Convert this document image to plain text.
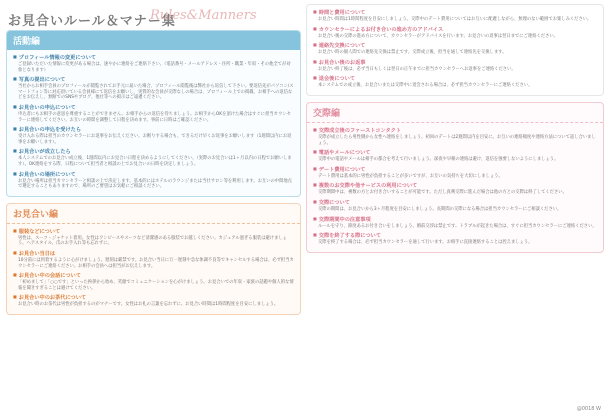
お見合いルール＆マナー集
Rules&Manners
活動編
■ プロフィール情報の変更について
ご登録いただいた情報に変更がある場合は、速やかに連絡をご連絡下さい。（電話番号・メールアドレス・住所・職業・年収・その他全てが対象となります）
■ 写真の提出について
当社からお相手会員のプロフィールが閲覧されてお手元に届いた場合、プロフィール閲覧後は弊社から返信して下さい。要返信先がパソコン/スマートフォン等に対応頂いている会員様にて返信をお願いし、実質的な会員が交際なしの場合は、プロフィール上での掲載、お相手への返信などをお伝えし、無断でのSNSやブログ、他社等への掲示はご遠慮ください。
■ お見合いの申込について
申込者にもお相手の意思を尊重することができません。お相手からの返信を待ちましょう。お相手からOKを頂けた場合はすぐに担当カウンセラーに連絡してください。お互いの時間を調整して日程を決めます。事前に日時はご確認ください。
■ お見合いの申込を受けたら
受け入れる際は担当のカウンセラーにお返事をお伝えください。お断りする場合も、できるだけ早くお返事をお願いします（1週間以内にお返事をお願いします）。
■ お見合いが成立したら
本人システムでのお見合い成立後、1週間以内にお見合い日程を決めるようにしてください。（実際のお見合いは1ヶ月以内の日程でお願いします）。OK連絡をする際、日程について担当者と相談の上でお見合いの日時を決定しましょう。
■ お見合いの場所について
お見合い場所は担当カウンセラーと相談の上で決定します。基本的にはホテルのラウンジまたは当社サロン等を利用します。お互いの中間地点で選定することもありますので、場所のご要望はお気軽にご相談ください。
お見合い編
■ 服装などについて
男性は、スーツ・ジャケット着用。女性はワンピースやスーツなど清潔感のある服装でお越しください。カジュアル過ぎる服装は避けましょう。ヘアスタイル、爪のお手入れ等も忘れずに。
■ お見合い当日は
10分前には到着するように心がけましょう。遅刻は厳禁です。お見合い当日に万一遅刻や急な体調不良等でキャンセルする場合は、必ず担当カウンセラーにご連絡ください。お相手の会員へは担当がお伝えします。
■ お見合い中の会話について
「初めまして」「○○です」といった挨拶から始め、笑顔でコミュニケーションを心がけましょう。お見合いでの年収・家族の話題や個人的な情報を聞きすぎることは避けてください。
■ お見合い中のお茶代について
お見合い時のお茶代は男性が負担するのがマナーです。女性はお礼の言葉を忘れずに。お見合い時間は1時間程度を目安にしましょう。
■ 時間と費用について
お見合い時間は1時間程度を目安にしましょう。交際中のデート費用についてはお互いに配慮しながら、無理のない範囲でお楽しみください。
■ カウンセラーによるお付き合いの進め方のアドバイス
お見合い後の交際の進め方について、カウンセラーがアドバイスを行います。お見合いの返事は翌日までにご連絡ください。
■ 連絡先交換について
お見合い時の個人間での連絡先交換は禁止です。交際成立後、担当を通して連絡先を交換します。
■ お見合い後のお返事
お見合い終了後は、必ず当日もしくは翌日の正午までに担当カウンセラーへお返事をご連絡ください。
■ 退会後について
本システムでの成立後、お見合いまたは交際中に退会される場合は、必ず担当カウンセラーにご連絡ください。
交際編
■ 交際成立後のファーストコンタクト
交際が成立したら男性側から女性へ連絡をしましょう。初回のデートは2週間以内を目安に。お互いの連絡頻度や連絡方法について話し合いましょう。
■ 電話やメールについて
交際中の電話やメールは相手の都合を考えて行いましょう。深夜や早朝の連絡は避け、返信を強要しないようにしましょう。
■ デート費用について
デート費用は基本的に男性が負担することが多いですが、お互いの気持ちを大切にしましょう。
■ 複数のお交際や他サービスの利用について
交際期間中は、複数の方とお付き合いすることが可能です。ただし真剣交際に進んだ場合は他の方との交際は終了してください。
■ 交際について
交際の期間は、お見合いから3ヶ月程度を目安にしましょう。長期間の交際になる場合は担当カウンセラーにご相談ください。
■ 交際期間中の注意事項
ルールを守り、節度あるお付き合いをしましょう。婚前交渉は禁止です。トラブルが起きた場合は、すぐに担当カウンセラーにご連絡ください。
■ 交際を終了する際について
交際を終了する場合は、必ず担当カウンセラーを通して行います。お相手に直接連絡することは控えましょう。
@0018 W
